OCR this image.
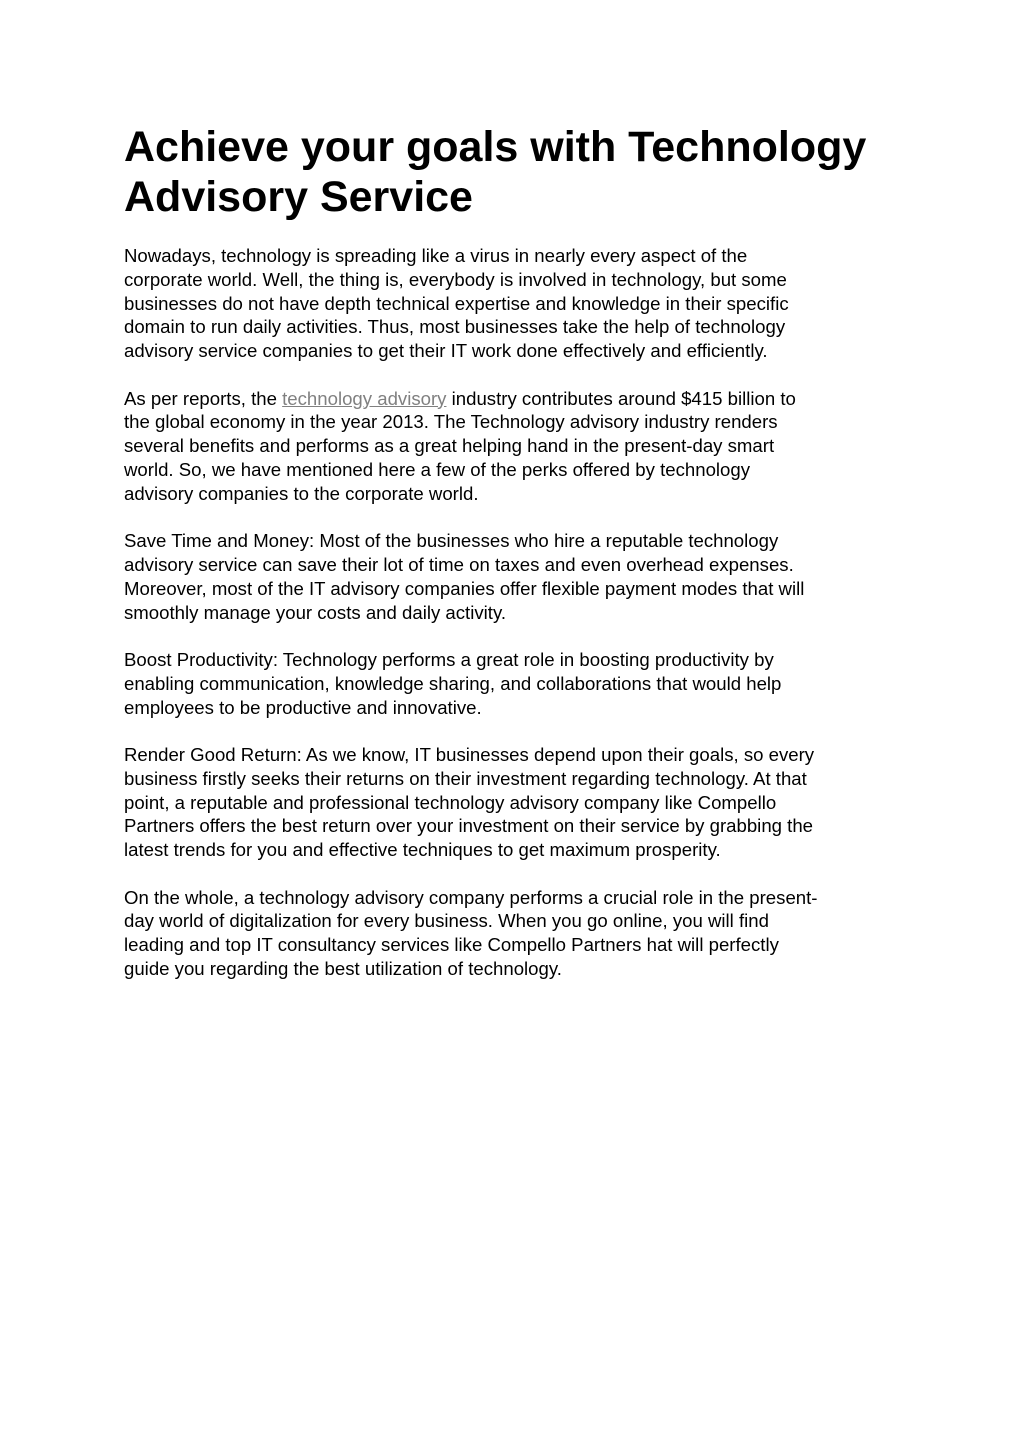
Achieve your goals with Technology
Advisory Service

Nowadays, technology is spreading like a virus in nearly every aspect of the
corporate world. Well, the thing is, everybody is involved in technology, but some
businesses do not have depth technical expertise and knowledge in their specific
domain to run daily activities. Thus, most businesses take the help of technology
advisory service companies to get their IT work done effectively and efficiently.

As per reports, the technology advisory industry contributes around $415 billion to
the global economy in the year 2013. The Technology advisory industry renders
several benefits and performs as a great helping hand in the present-day smart
world. So, we have mentioned here a few of the perks offered by technology
advisory companies to the corporate world.

Save Time and Money: Most of the businesses who hire a reputable technology
advisory service can save their lot of time on taxes and even overhead expenses.
Moreover, most of the IT advisory companies offer flexible payment modes that will
smoothly manage your costs and daily activity.

Boost Productivity: Technology performs a great role in boosting productivity by
enabling communication, knowledge sharing, and collaborations that would help
employees to be productive and innovative.

Render Good Return: As we know, IT businesses depend upon their goals, so every
business firstly seeks their returns on their investment regarding technology. At that
point, a reputable and professional technology advisory company like Compello
Partners offers the best return over your investment on their service by grabbing the
latest trends for you and effective techniques to get maximum prosperity.

On the whole, a technology advisory company performs a crucial role in the present-
day world of digitalization for every business. When you go online, you will find
leading and top IT consultancy services like Compello Partners hat will perfectly
guide you regarding the best utilization of technology.
